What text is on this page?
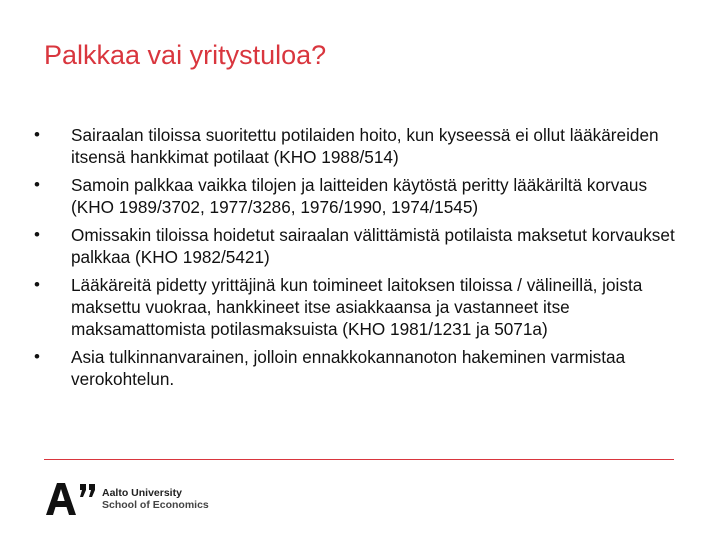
Palkkaa vai yritystuloa?
•	Sairaalan tiloissa suoritettu potilaiden hoito, kun kyseessä ei ollut lääkäreiden itsensä hankkimat potilaat (KHO 1988/514)
•	Samoin palkkaa vaikka tilojen ja laitteiden käytöstä peritty lääkäriltä korvaus (KHO 1989/3702, 1977/3286, 1976/1990, 1974/1545)
•	Omissakin tiloissa hoidetut sairaalan välittämistä potilaista maksetut korvaukset palkkaa (KHO 1982/5421)
•	Lääkäreitä pidetty yrittäjinä kun toimineet laitoksen tiloissa / välineillä, joista maksettu vuokraa, hankkineet itse asiakkaansa ja vastanneet itse maksamattomista potilasmaksuista (KHO 1981/1231 ja 5071a)
•	Asia tulkinnanvarainen, jolloin ennakkokannanoton hakeminen varmistaa verokohtelun.
Aalto University
School of Economics
